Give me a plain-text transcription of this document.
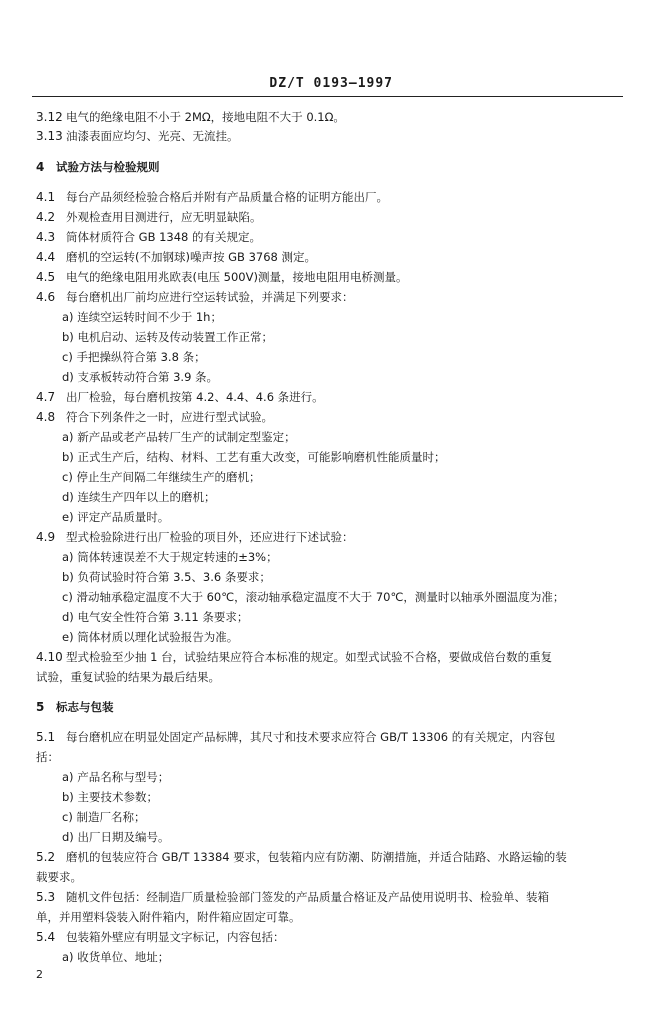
DZ/T 0193—1997
3.12 电气的绝缘电阻不小于 2MΩ，接地电阻不大于 0.1Ω。
3.13 油漆表面应均匀、光亮、无流挂。
4 试验方法与检验规则
4.1 每台产品须经检验合格后并附有产品质量合格的证明方能出厂。
4.2 外观检查用目测进行，应无明显缺陷。
4.3 筒体材质符合 GB 1348 的有关规定。
4.4 磨机的空运转(不加钢球)噪声按 GB 3768 测定。
4.5 电气的绝缘电阻用兆欧表(电压 500V)测量，接地电阻用电桥测量。
4.6 每台磨机出厂前均应进行空运转试验，并满足下列要求：
a) 连续空运转时间不少于 1h；
b) 电机启动、运转及传动装置工作正常；
c) 手把操纵符合第 3.8 条；
d) 支承板转动符合第 3.9 条。
4.7 出厂检验，每台磨机按第 4.2、4.4、4.6 条进行。
4.8 符合下列条件之一时，应进行型式试验。
a) 新产品或老产品转厂生产的试制定型鉴定；
b) 正式生产后，结构、材料、工艺有重大改变，可能影响磨机性能质量时；
c) 停止生产间隔二年继续生产的磨机；
d) 连续生产四年以上的磨机；
e) 评定产品质量时。
4.9 型式检验除进行出厂检验的项目外，还应进行下述试验：
a) 筒体转速误差不大于规定转速的±3%；
b) 负荷试验时符合第 3.5、3.6 条要求；
c) 滑动轴承稳定温度不大于 60℃，滚动轴承稳定温度不大于 70℃，测量时以轴承外圈温度为准；
d) 电气安全性符合第 3.11 条要求；
e) 筒体材质以理化试验报告为准。
4.10 型式检验至少抽 1 台，试验结果应符合本标准的规定。如型式试验不合格，要做成倍台数的重复
试验，重复试验的结果为最后结果。
5 标志与包装
5.1 每台磨机应在明显处固定产品标牌，其尺寸和技术要求应符合 GB/T 13306 的有关规定，内容包
括：
a) 产品名称与型号；
b) 主要技术参数；
c) 制造厂名称；
d) 出厂日期及编号。
5.2 磨机的包装应符合 GB/T 13384 要求，包装箱内应有防潮、防潮措施，并适合陆路、水路运输的装
载要求。
5.3 随机文件包括：经制造厂质量检验部门签发的产品质量合格证及产品使用说明书、检验单、装箱
单，并用塑料袋装入附件箱内，附件箱应固定可靠。
5.4 包装箱外壁应有明显文字标记，内容包括：
a) 收货单位、地址；
2
